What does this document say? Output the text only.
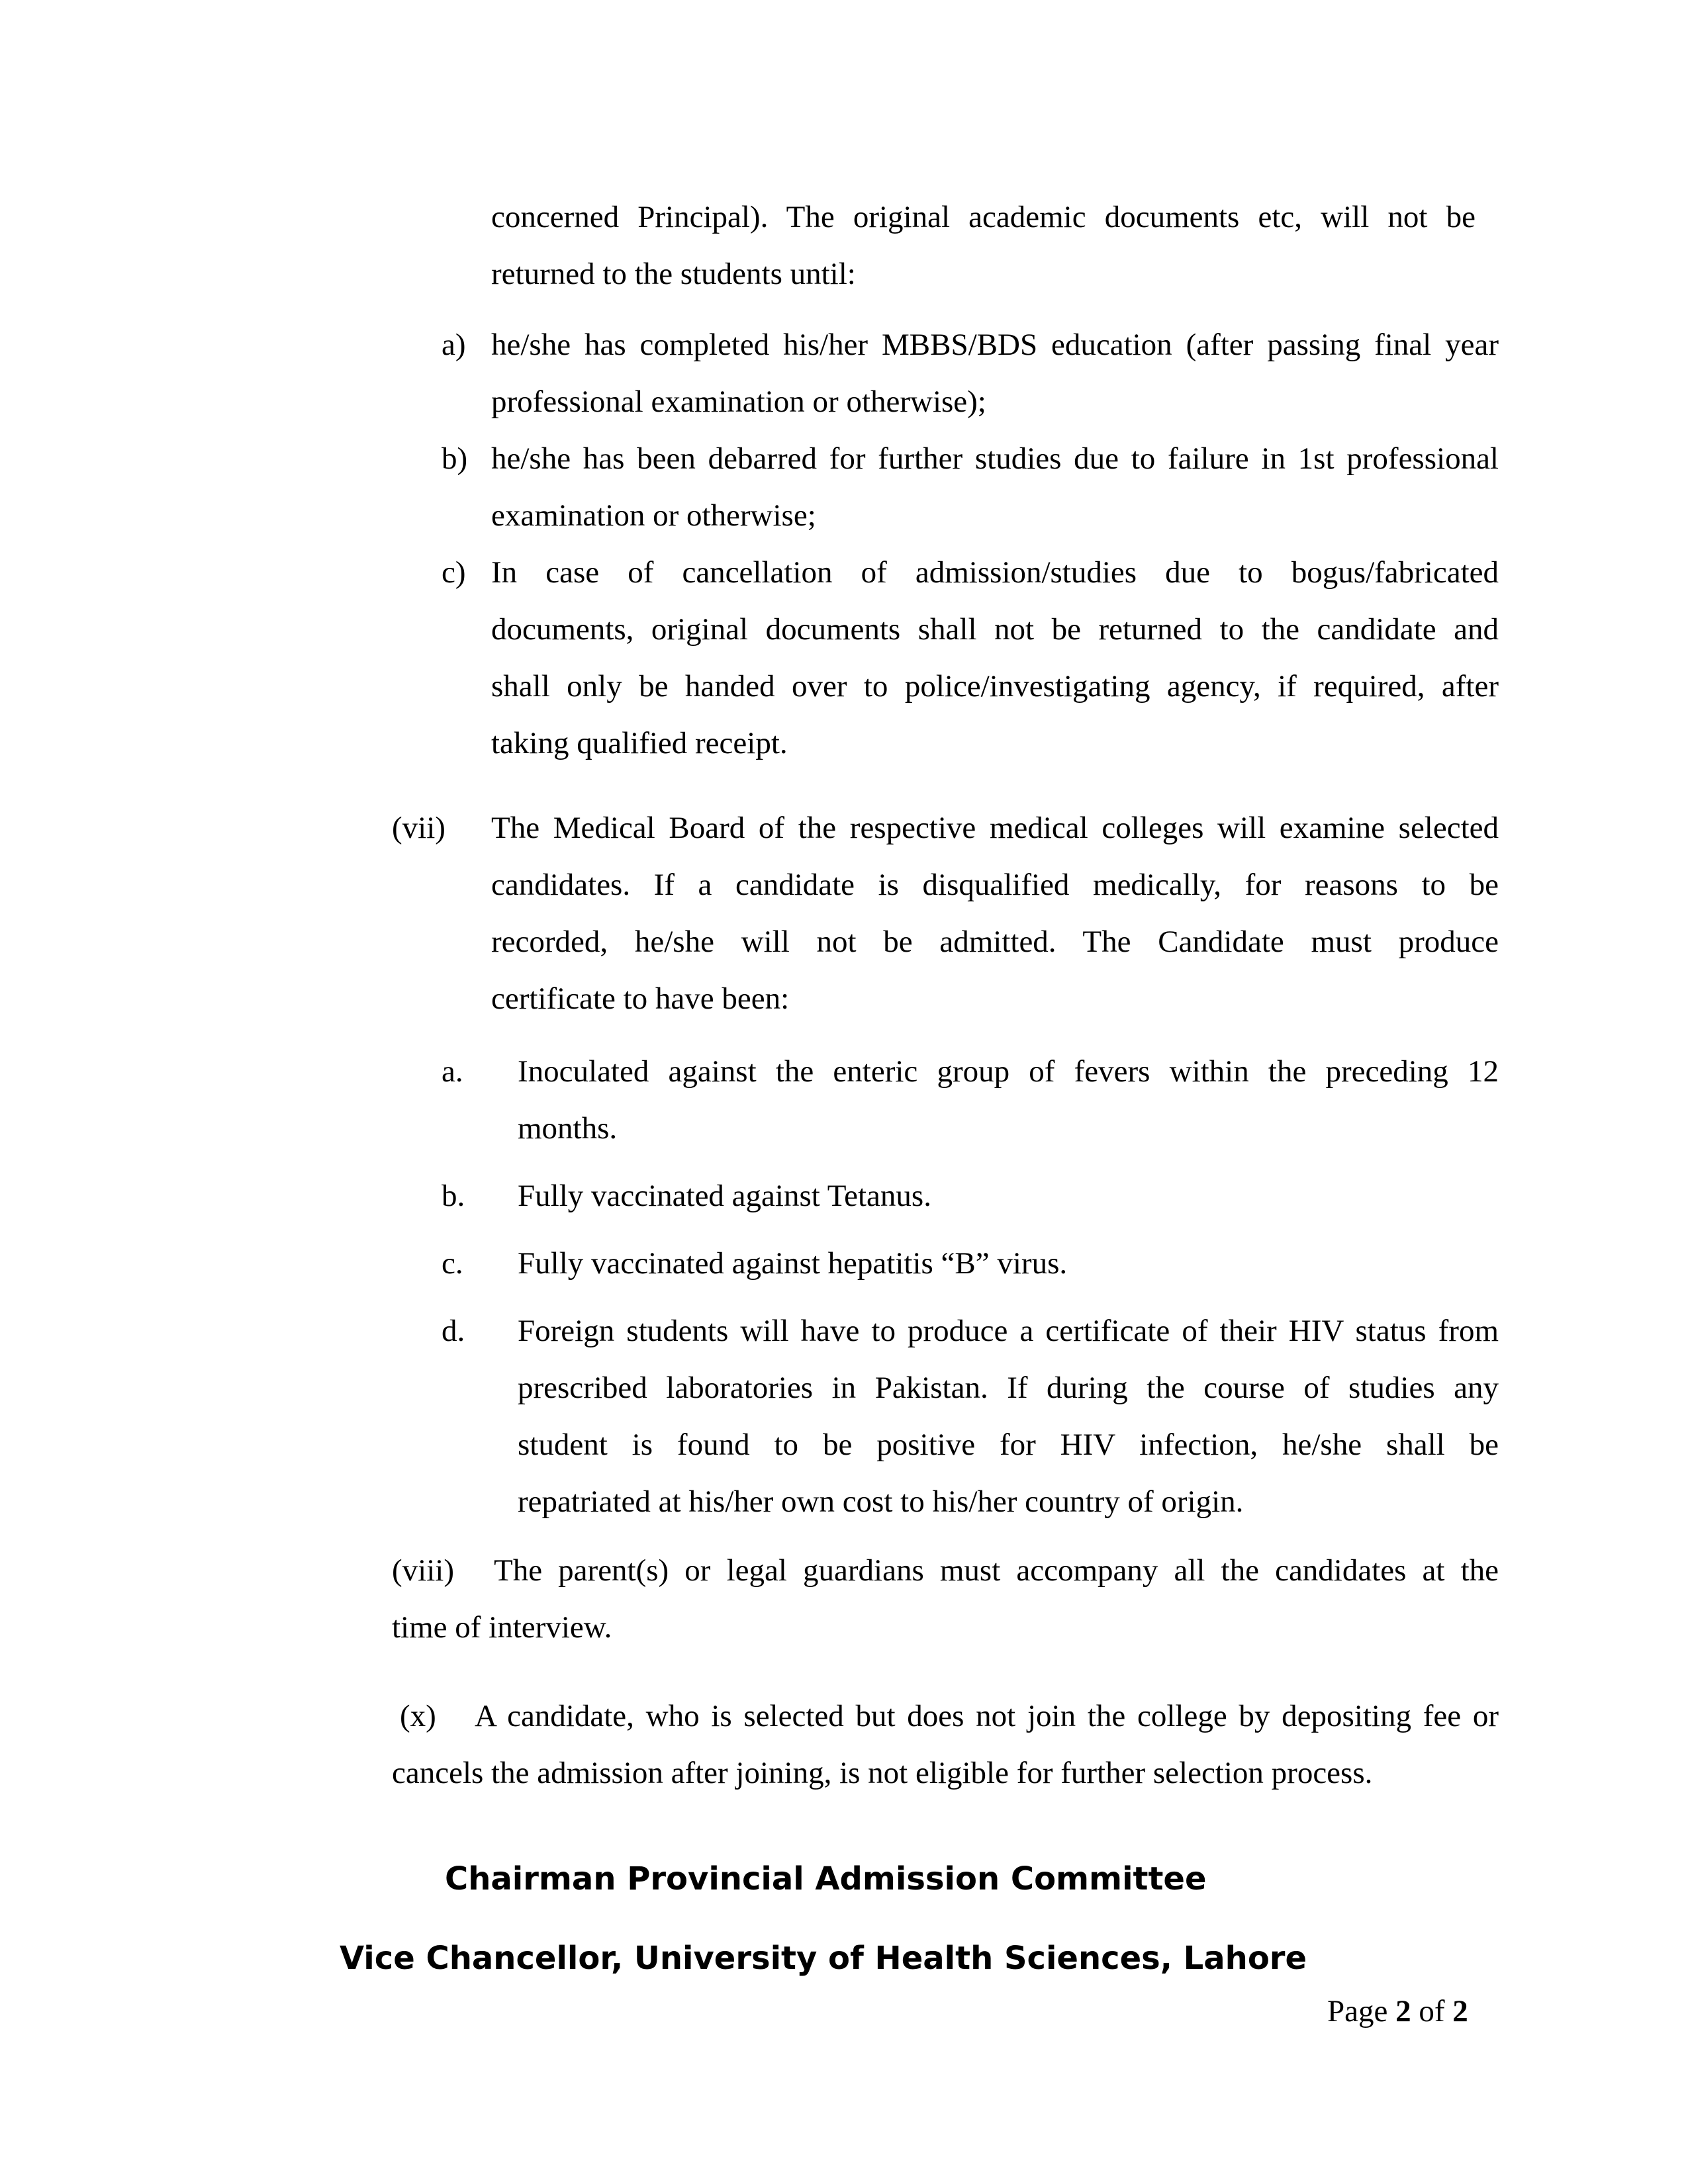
concerned Principal). The original academic documents etc, will not be
returned to the students until:
a) he/she has completed his/her MBBS/BDS education (after passing final year
professional examination or otherwise);
b) he/she has been debarred for further studies due to failure in 1st professional
examination or otherwise;
c) In case of cancellation of admission/studies due to bogus/fabricated
documents, original documents shall not be returned to the candidate and
shall only be handed over to police/investigating agency, if required, after
taking qualified receipt.
(vii) The Medical Board of the respective medical colleges will examine selected
candidates. If a candidate is disqualified medically, for reasons to be
recorded, he/she will not be admitted. The Candidate must produce
certificate to have been:
a. Inoculated against the enteric group of fevers within the preceding 12
months.
b. Fully vaccinated against Tetanus.
c. Fully vaccinated against hepatitis “B” virus.
d. Foreign students will have to produce a certificate of their HIV status from
prescribed laboratories in Pakistan. If during the course of studies any
student is found to be positive for HIV infection, he/she shall be
repatriated at his/her own cost to his/her country of origin.
(viii) The parent(s) or legal guardians must accompany all the candidates at the
time of interview.
(x) A candidate, who is selected but does not join the college by depositing fee or
cancels the admission after joining, is not eligible for further selection process.
Chairman Provincial Admission Committee
Vice Chancellor, University of Health Sciences, Lahore
Page 2 of 2
